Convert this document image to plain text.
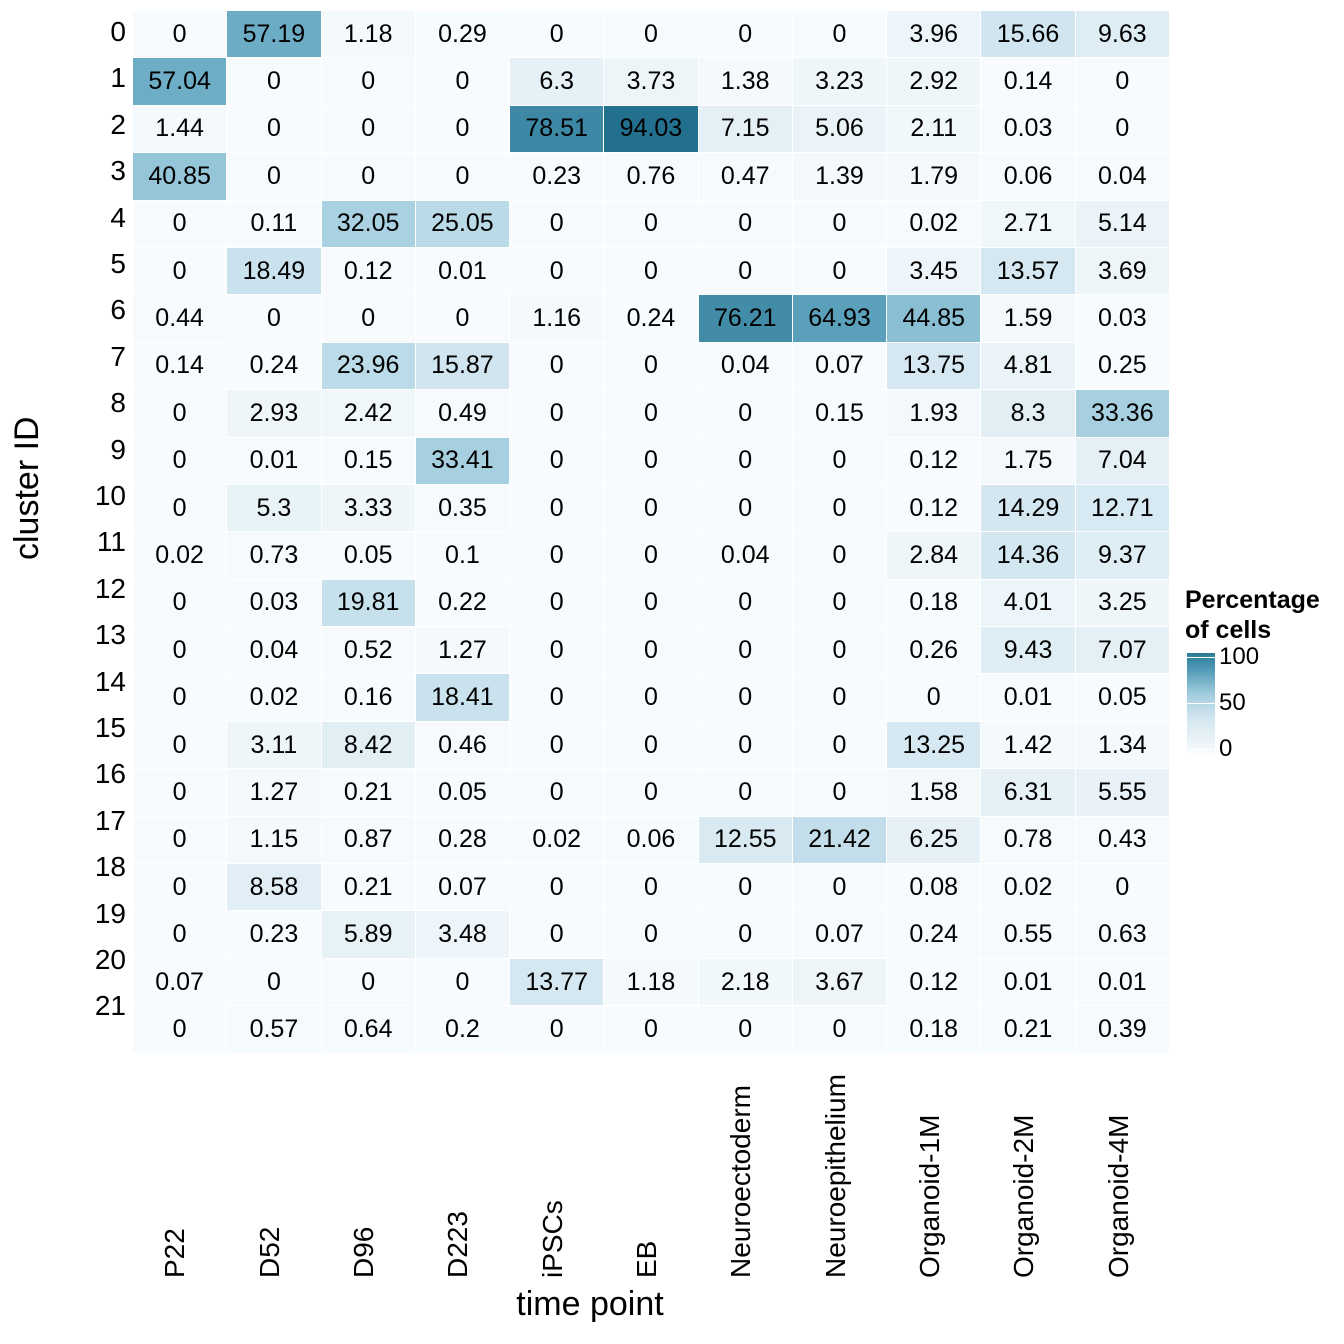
cluster ID
0
1
2
3
4
5
6
7
8
9
10
11
12
13
14
15
16
17
18
19
20
21
0	57.19	1.18	0.29	0	0	0	0	3.96	15.66	9.63
57.04	0	0	0	6.3	3.73	1.38	3.23	2.92	0.14	0
1.44	0	0	0	78.51	94.03	7.15	5.06	2.11	0.03	0
40.85	0	0	0	0.23	0.76	0.47	1.39	1.79	0.06	0.04
0	0.11	32.05	25.05	0	0	0	0	0.02	2.71	5.14
0	18.49	0.12	0.01	0	0	0	0	3.45	13.57	3.69
0.44	0	0	0	1.16	0.24	76.21	64.93	44.85	1.59	0.03
0.14	0.24	23.96	15.87	0	0	0.04	0.07	13.75	4.81	0.25
0	2.93	2.42	0.49	0	0	0	0.15	1.93	8.3	33.36
0	0.01	0.15	33.41	0	0	0	0	0.12	1.75	7.04
0	5.3	3.33	0.35	0	0	0	0	0.12	14.29	12.71
0.02	0.73	0.05	0.1	0	0	0.04	0	2.84	14.36	9.37
0	0.03	19.81	0.22	0	0	0	0	0.18	4.01	3.25
0	0.04	0.52	1.27	0	0	0	0	0.26	9.43	7.07
0	0.02	0.16	18.41	0	0	0	0	0	0.01	0.05
0	3.11	8.42	0.46	0	0	0	0	13.25	1.42	1.34
0	1.27	0.21	0.05	0	0	0	0	1.58	6.31	5.55
0	1.15	0.87	0.28	0.02	0.06	12.55	21.42	6.25	0.78	0.43
0	8.58	0.21	0.07	0	0	0	0	0.08	0.02	0
0	0.23	5.89	3.48	0	0	0	0.07	0.24	0.55	0.63
0.07	0	0	0	13.77	1.18	2.18	3.67	0.12	0.01	0.01
0	0.57	0.64	0.2	0	0	0	0	0.18	0.21	0.39
P22 D52 D96 D223 iPSCs EB Neuroectoderm Neuroepithelium Organoid-1M Organoid-2M Organoid-4M
time point
Percentage
of cells
100
50
0
